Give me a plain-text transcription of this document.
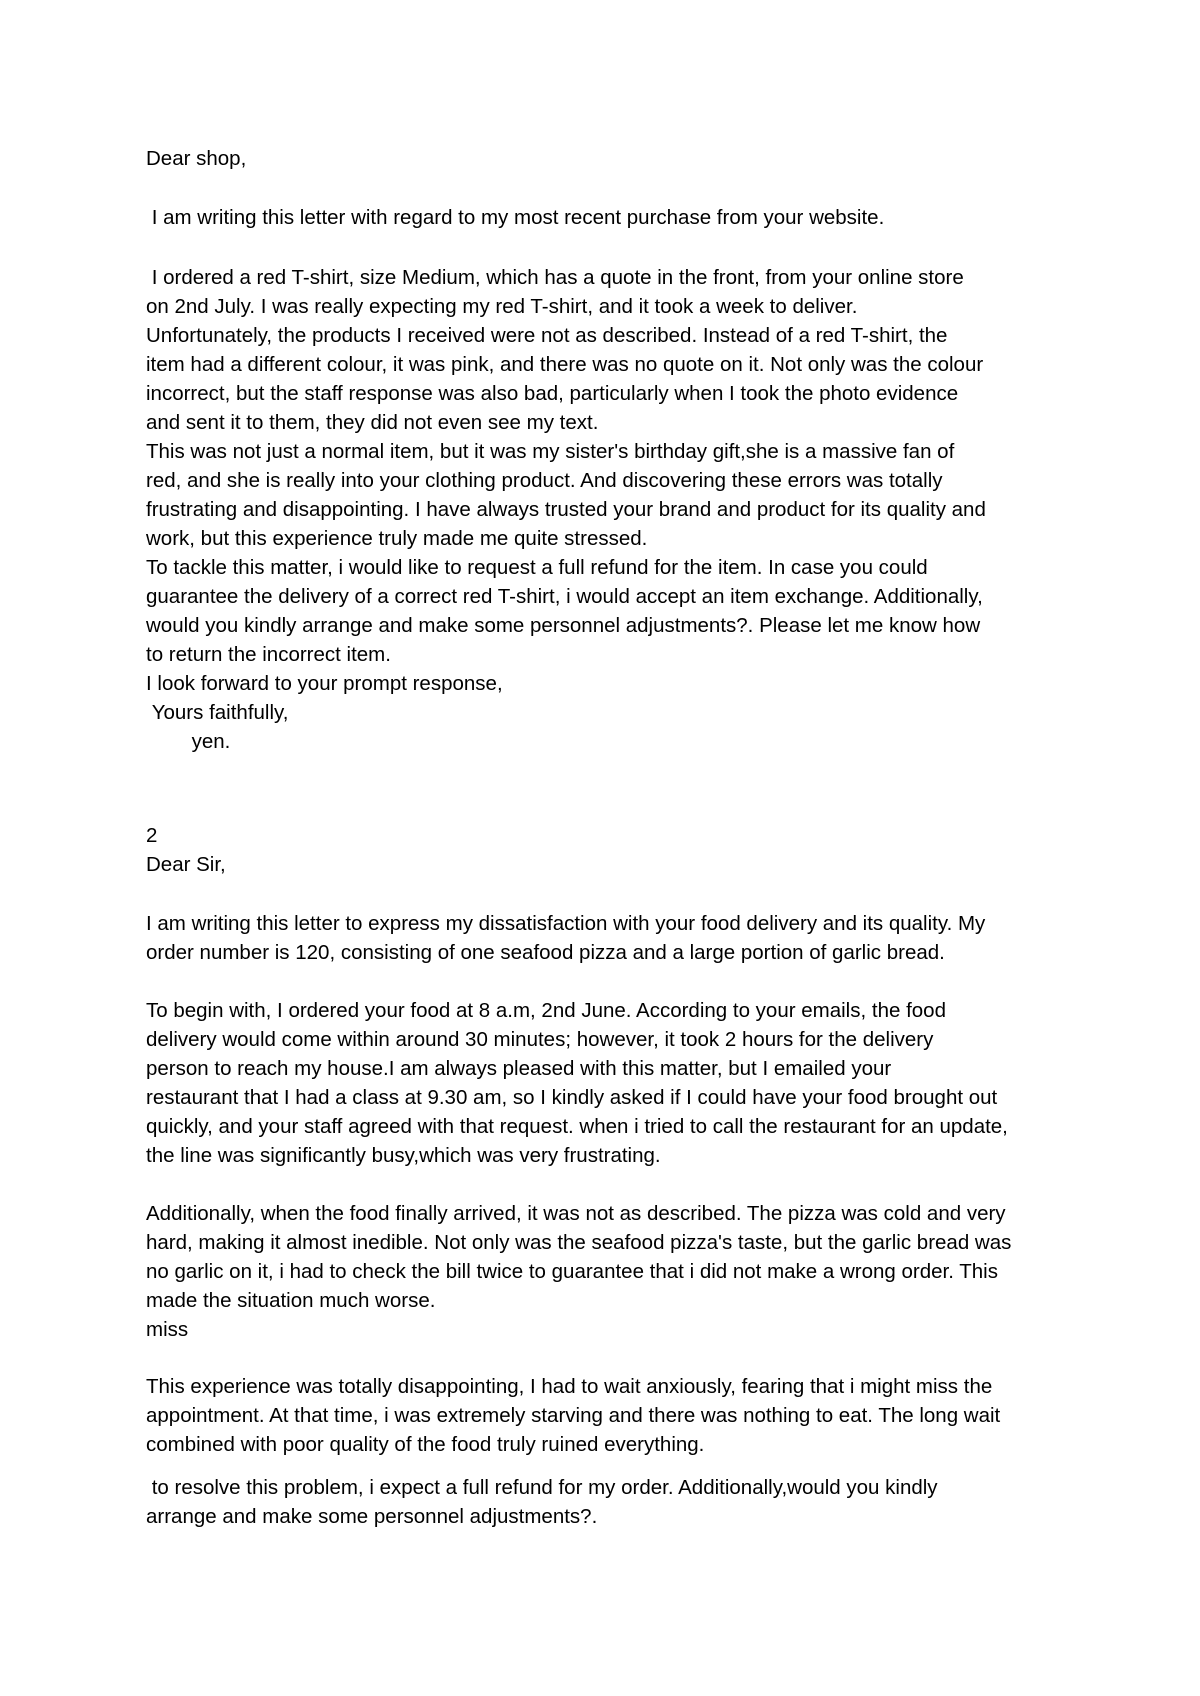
Dear shop,

I am writing this letter with regard to my most recent purchase from your website.

I ordered a red T-shirt, size Medium, which has a quote in the front, from your online store
on 2nd July. I was really expecting my red T-shirt, and it took a week to deliver.
Unfortunately, the products I received were not as described. Instead of a red T-shirt, the
item had a different colour, it was pink, and there was no quote on it. Not only was the colour
incorrect, but the staff response was also bad, particularly when I took the photo evidence
and sent it to them, they did not even see my text.
This was not just a normal item, but it was my sister's birthday gift,she is a massive fan of
red, and she is really into your clothing product. And discovering these errors was totally
frustrating and disappointing. I have always trusted your brand and product for its quality and
work, but this experience truly made me quite stressed.
To tackle this matter, i would like to request a full refund for the item. In case you could
guarantee the delivery of a correct red T-shirt, i would accept an item exchange. Additionally,
would you kindly arrange and make some personnel adjustments?. Please let me know how
to return the incorrect item.
I look forward to your prompt response,
Yours faithfully,
yen.

2

Dear Sir,

I am writing this letter to express my dissatisfaction with your food delivery and its quality. My
order number is 120, consisting of one seafood pizza and a large portion of garlic bread.

To begin with, I ordered your food at 8 a.m, 2nd June. According to your emails, the food
delivery would come within around 30 minutes; however, it took 2 hours for the delivery
person to reach my house.I am always pleased with this matter, but I emailed your
restaurant that I had a class at 9.30 am, so I kindly asked if I could have your food brought out
quickly, and your staff agreed with that request. when i tried to call the restaurant for an update,
the line was significantly busy,which was very frustrating.

Additionally, when the food finally arrived, it was not as described. The pizza was cold and very
hard, making it almost inedible. Not only was the seafood pizza's taste, but the garlic bread was
no garlic on it, i had to check the bill twice to guarantee that i did not make a wrong order. This
made the situation much worse.
miss

This experience was totally disappointing, I had to wait anxiously, fearing that i might miss the
appointment. At that time, i was extremely starving and there was nothing to eat. The long wait
combined with poor quality of the food truly ruined everything.

to resolve this problem, i expect a full refund for my order. Additionally,would you kindly
arrange and make some personnel adjustments?.
